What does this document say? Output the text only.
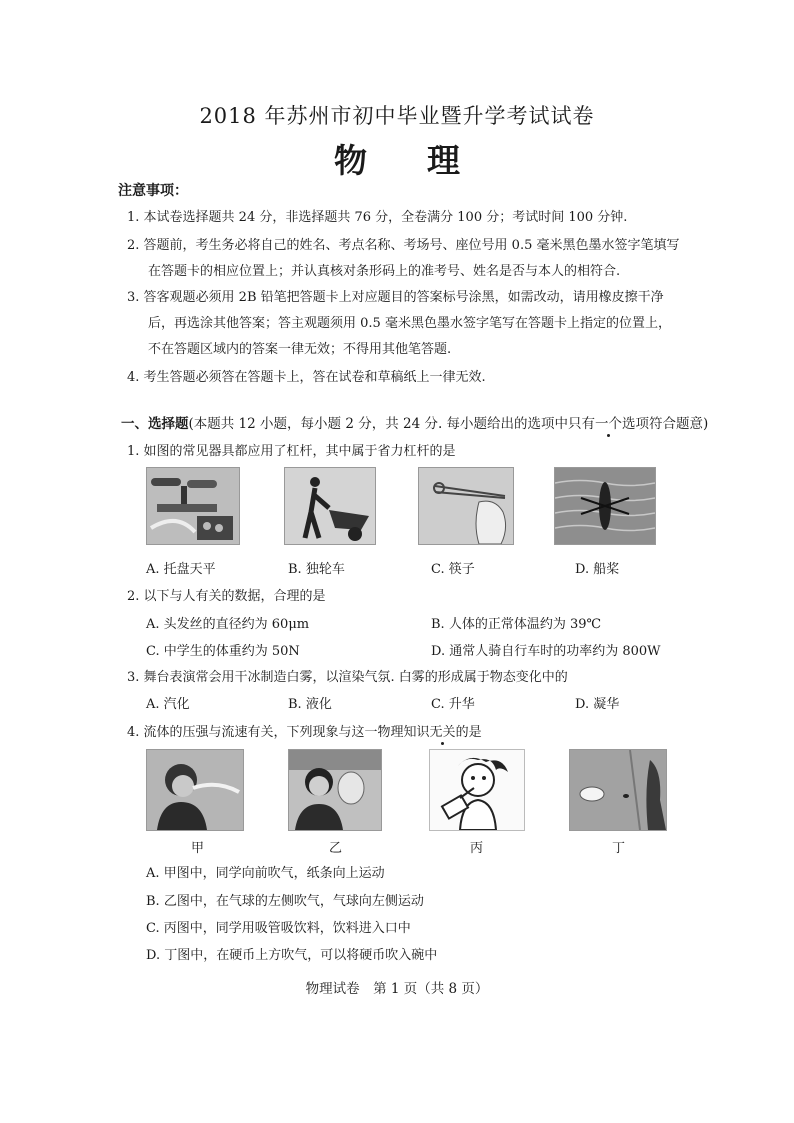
2018 年苏州市初中毕业暨升学考试试卷
物理
注意事项：
1. 本试卷选择题共 24 分，非选择题共 76 分，全卷满分 100 分；考试时间 100 分钟.
2. 答题前，考生务必将自己的姓名、考点名称、考场号、座位号用 0.5 毫米黑色墨水签字笔填写
在答题卡的相应位置上；并认真核对条形码上的准考号、姓名是否与本人的相符合.
3. 答客观题必须用 2B 铅笔把答题卡上对应题目的答案标号涂黑，如需改动，请用橡皮擦干净
后，再选涂其他答案；答主观题须用 0.5 毫米黑色墨水签字笔写在答题卡上指定的位置上，
不在答题区域内的答案一律无效；不得用其他笔答题.
4. 考生答题必须答在答题卡上，答在试卷和草稿纸上一律无效.
一、选择题(本题共 12 小题，每小题 2 分，共 24 分. 每小题给出的选项中只有一个选项符合题意)
1. 如图的常见器具都应用了杠杆，其中属于省力杠杆的是
A. 托盘天平	B. 独轮车	C. 筷子	D. 船桨
2. 以下与人有关的数据，合理的是
A. 头发丝的直径约为 60μm	B. 人体的正常体温约为 39℃
C. 中学生的体重约为 50N	D. 通常人骑自行车时的功率约为 800W
3. 舞台表演常会用干冰制造白雾，以渲染气氛. 白雾的形成属于物态变化中的
A. 汽化	B. 液化	C. 升华	D. 凝华
4. 流体的压强与流速有关，下列现象与这一物理知识无关的是
甲	乙	丙	丁
A. 甲图中，同学向前吹气，纸条向上运动
B. 乙图中，在气球的左侧吹气，气球向左侧运动
C. 丙图中，同学用吸管吸饮料，饮料进入口中
D. 丁图中，在硬币上方吹气，可以将硬币吹入碗中
物理试卷　第 1 页（共 8 页）
